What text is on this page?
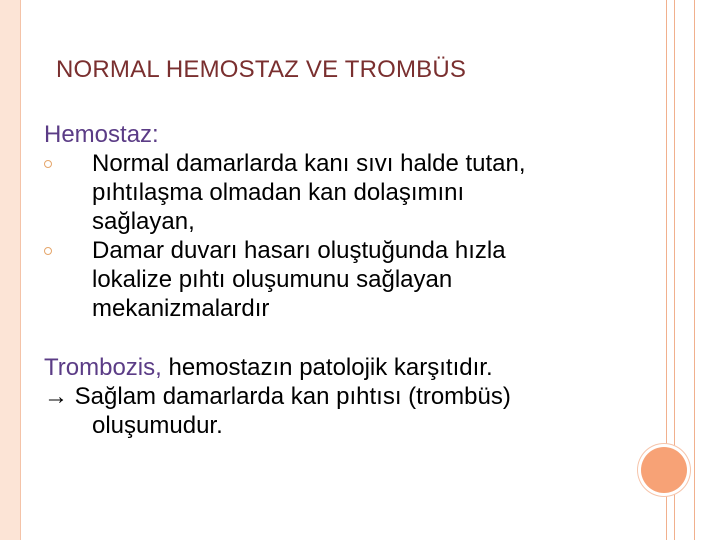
NORMAL HEMOSTAZ VE TROMBÜS
Hemostaz:
Normal damarlarda kanı sıvı halde tutan,
pıhtılaşma olmadan kan dolaşımını
sağlayan,
Damar duvarı hasarı oluştuğunda hızla
lokalize pıhtı oluşumunu sağlayan
mekanizmalardır
Trombozis, hemostazın patolojik karşıtıdır.
→ Sağlam damarlarda kan pıhtısı (trombüs)
oluşumudur.
